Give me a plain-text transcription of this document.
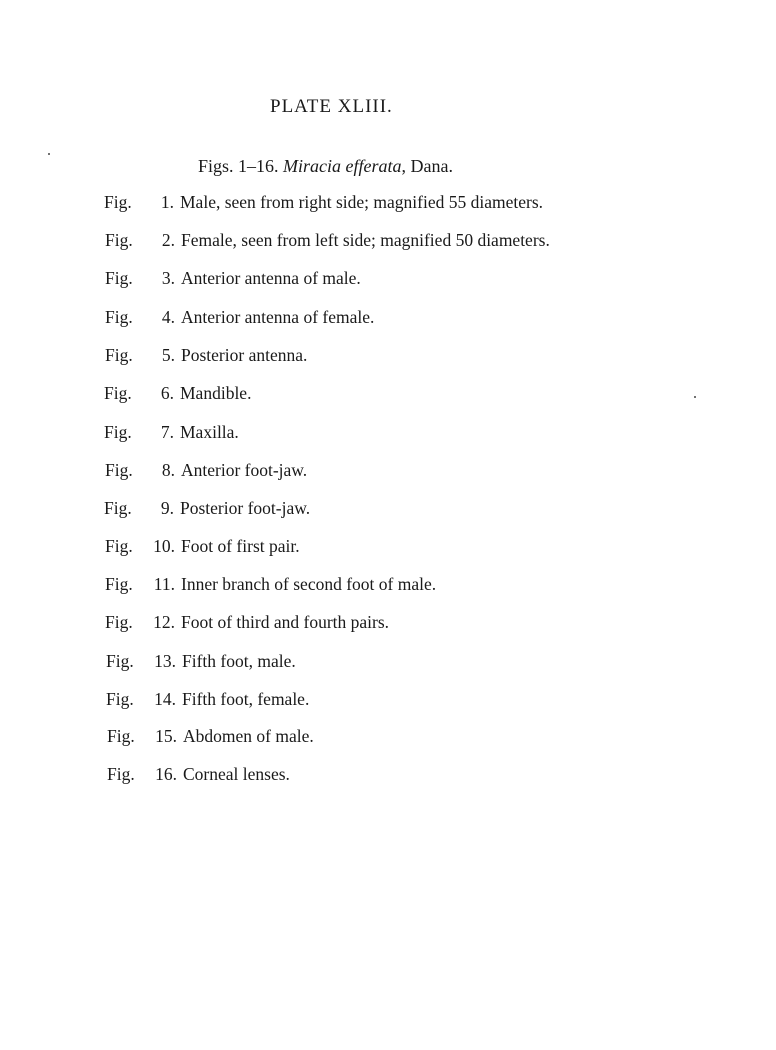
PLATE XLIII.
Figs. 1–16. Miracia efferata, Dana.
Fig. 1. Male, seen from right side; magnified 55 diameters.
Fig. 2. Female, seen from left side; magnified 50 diameters.
Fig. 3. Anterior antenna of male.
Fig. 4. Anterior antenna of female.
Fig. 5. Posterior antenna.
Fig. 6. Mandible.
Fig. 7. Maxilla.
Fig. 8. Anterior foot-jaw.
Fig. 9. Posterior foot-jaw.
Fig. 10. Foot of first pair.
Fig. 11. Inner branch of second foot of male.
Fig. 12. Foot of third and fourth pairs.
Fig. 13. Fifth foot, male.
Fig. 14. Fifth foot, female.
Fig. 15. Abdomen of male.
Fig. 16. Corneal lenses.
